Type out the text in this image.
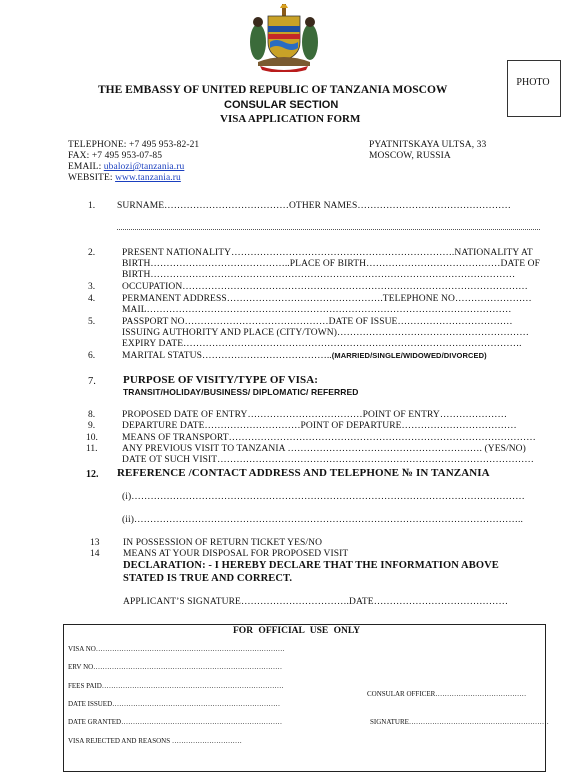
PHOTO
THE EMBASSY OF UNITED REPUBLIC OF TANZANIA MOSCOW
CONSULAR SECTION
VISA APPLICATION FORM
TELEPHONE: +7 495 953-82-21
FAX: +7 495 953-07-85
EMAIL: ubalozi@tanzania.ru
WEBSITE: www.tanzania.ru
PYATNITSKAYA ULTSA, 33
MOSCOW, RUSSIA
1. SURNAME…………………………………OTHER NAMES…………………………………………
2.	PRESENT NATIONALITY…………………………………………………………….NATIONALITY AT
BIRTH……………………………………..PLACE OF BIRTH……………………………………DATE OF
BIRTH……………………………………………………………………………………………………
3.	OCCUPATION………………………………………………………………………………………………
4.	PERMANENT ADDRESS………………………………………….TELEPHONE NO……………………
MAIL……………………………………………………………………………………………………
5.	PASSPORT NO………………………………………DATE OF ISSUE………………………………
ISSUING AUTHORITY AND PLACE (CITY/TOWN)……………………………………………………
EXPIRY DATE…………………………………………………………………………………………….
6.	MARITAL STATUS…………………………………..(MARRIED/SINGLE/WIDOWED/DIVORCED)
7. PURPOSE OF VISITY/TYPE OF VISA:
TRANSIT/HOLIDAY/BUSINESS/ DIPLOMATIC/ REFERRED
8.	PROPOSED DATE OF ENTRY………………………………POINT OF ENTRY…………………
9.	DEPARTURE DATE…………………………POINT OF DEPARTURE………………………………
10.	MEANS OF TRANSPORT……………………………………………………………………………………
11.	ANY PREVIOUS VISIT TO TANZANIA ……………………………………………………. (YES/NO)
DATE OT SUCH VISIT………………………………………………………………………………………
12. REFERENCE /CONTACT ADDRESS AND TELEPHONE № IN TANZANIA
(i)……………………………………………………………………………………………………………
(ii)…………………………………………………………………………………………………………..
13 IN POSSESSION OF RETURN TICKET YES/NO
14 MEANS AT YOUR DISPOSAL FOR PROPOSED VISIT
DECLARATION: - I HEREBY DECLARE THAT THE INFORMATION ABOVE
STATED IS TRUE AND CORRECT.
APPLICANT’S SIGNATURE…………………………….DATE……………………………………
FOR OFFICIAL USE ONLY
VISA NO………………………………………………………………………
ERV NO………………………………………………………………………
FEES PAID……………………………………………………………………
DATE ISSUED………………………………………………………………
DATE GRANTED……………………………………………………………
VISA REJECTED AND REASONS …………………………
CONSULAR OFFICER…………………………………
SIGNATURE……………………………………………………
